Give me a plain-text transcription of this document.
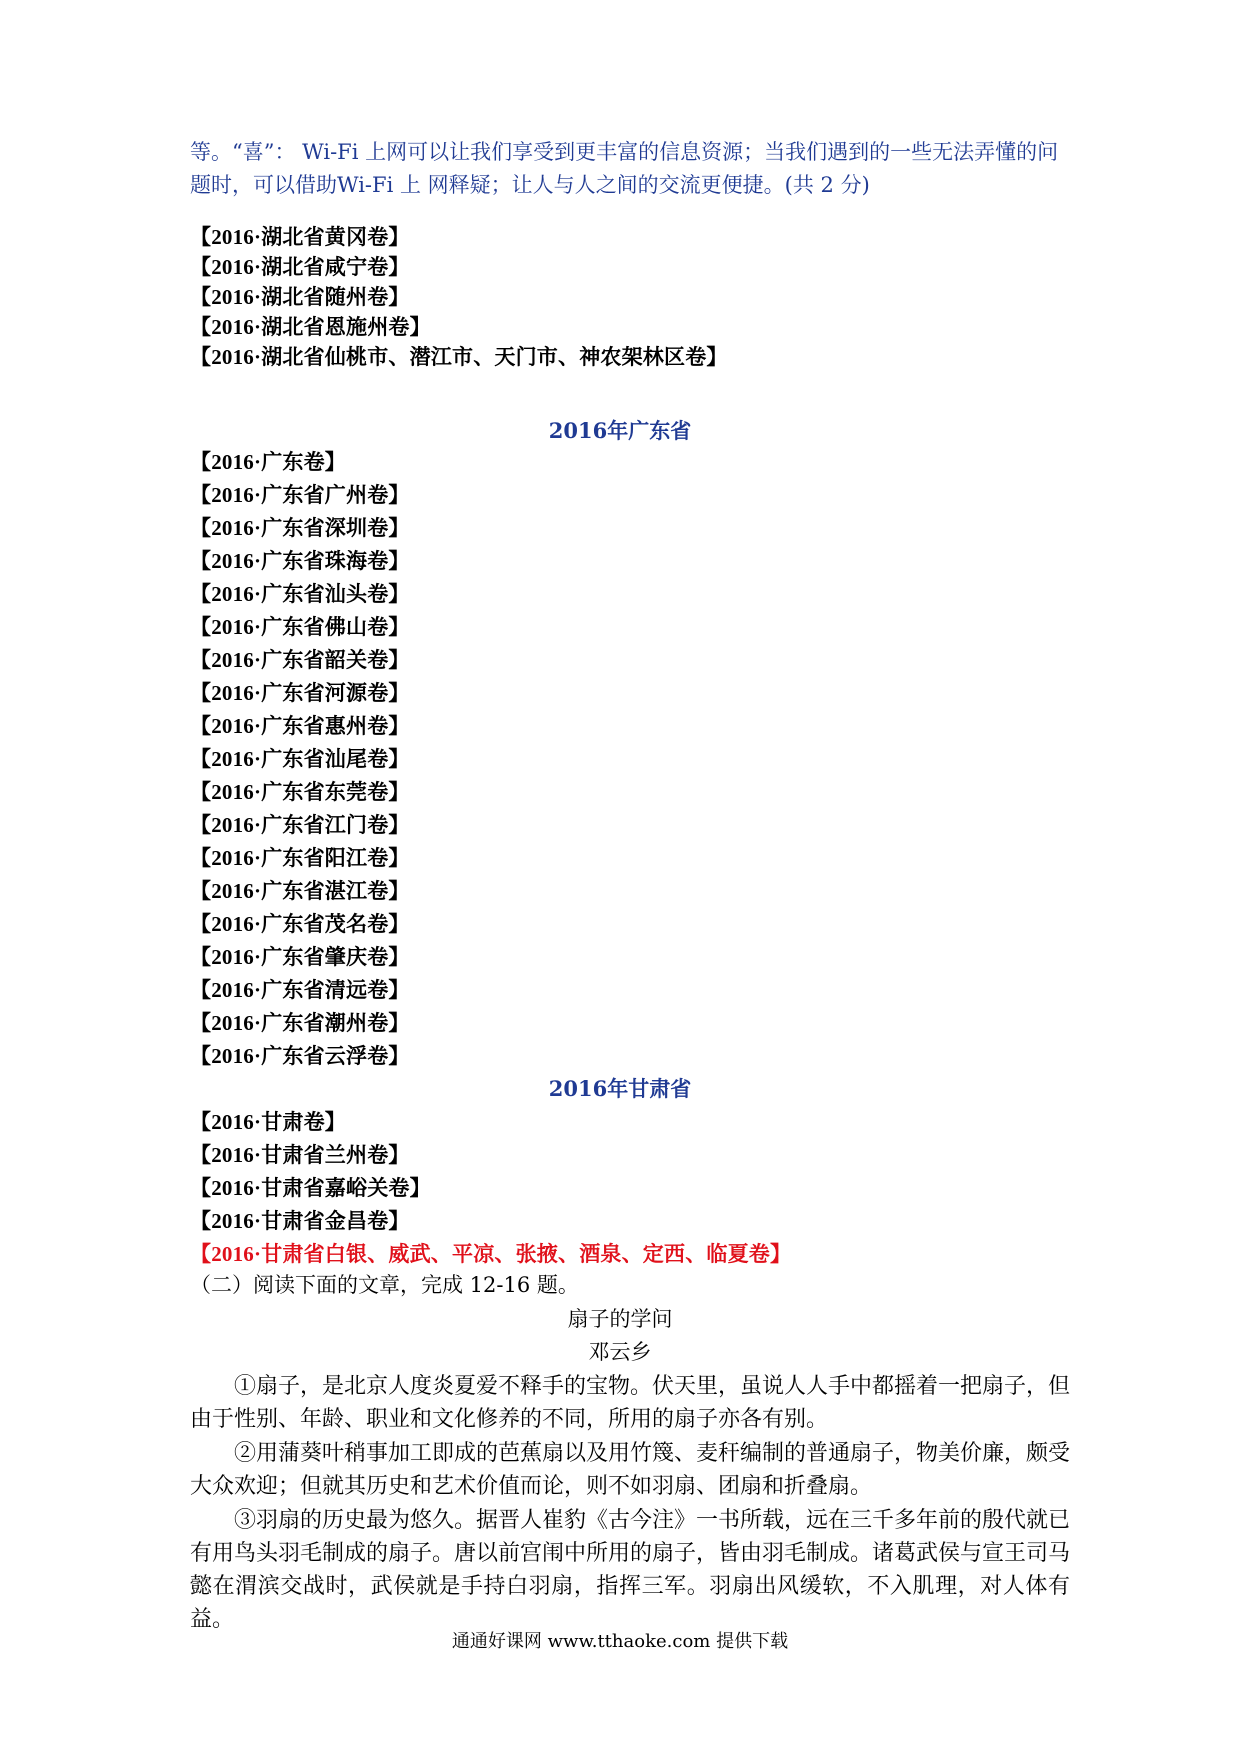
等。“喜”： Wi-Fi 上网可以让我们享受到更丰富的信息资源；当我们遇到的一些无法弄懂的问题时，可以借助Wi-Fi 上 网释疑；让人与人之间的交流更便捷。(共 2 分)
【2016·湖北省黄冈卷】
【2016·湖北省咸宁卷】
【2016·湖北省随州卷】
【2016·湖北省恩施州卷】
【2016·湖北省仙桃市、潜江市、天门市、神农架林区卷】
2016年广东省
【2016·广东卷】
【2016·广东省广州卷】
【2016·广东省深圳卷】
【2016·广东省珠海卷】
【2016·广东省汕头卷】
【2016·广东省佛山卷】
【2016·广东省韶关卷】
【2016·广东省河源卷】
【2016·广东省惠州卷】
【2016·广东省汕尾卷】
【2016·广东省东莞卷】
【2016·广东省江门卷】
【2016·广东省阳江卷】
【2016·广东省湛江卷】
【2016·广东省茂名卷】
【2016·广东省肇庆卷】
【2016·广东省清远卷】
【2016·广东省潮州卷】
【2016·广东省云浮卷】
2016年甘肃省
【2016·甘肃卷】
【2016·甘肃省兰州卷】
【2016·甘肃省嘉峪关卷】
【2016·甘肃省金昌卷】
【2016·甘肃省白银、威武、平凉、张掖、酒泉、定西、临夏卷】
（二）阅读下面的文章，完成 12-16 题。
扇子的学问
邓云乡
①扇子，是北京人度炎夏爱不释手的宝物。伏天里，虽说人人手中都摇着一把扇子，但由于性别、年龄、职业和文化修养的不同，所用的扇子亦各有别。
②用蒲葵叶稍事加工即成的芭蕉扇以及用竹篾、麦秆编制的普通扇子，物美价廉，颇受大众欢迎；但就其历史和艺术价值而论，则不如羽扇、团扇和折叠扇。
③羽扇的历史最为悠久。据晋人崔豹《古今注》一书所载，远在三千多年前的殷代就已有用鸟头羽毛制成的扇子。唐以前宫闱中所用的扇子，皆由羽毛制成。诸葛武侯与宣王司马懿在渭滨交战时，武侯就是手持白羽扇，指挥三军。羽扇出风缓软，不入肌理，对人体有益。
通通好课网 www.tthaoke.com 提供下载
